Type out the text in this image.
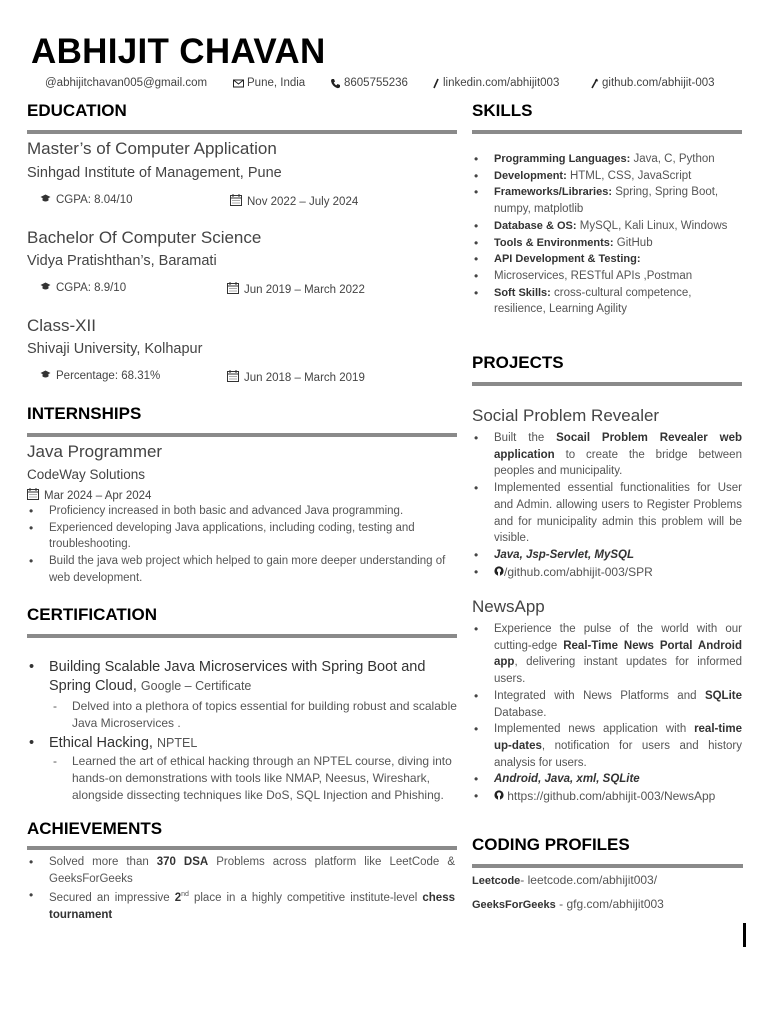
ABHIJIT CHAVAN
@abhijitchavan005@gmail.com	Pune, India	8605755236	linkedin.com/abhijit003	github.com/abhijit-003
EDUCATION
Master’s of Computer Application
Sinhgad Institute of Management, Pune
CGPA: 8.04/10	Nov 2022 – July 2024
Bachelor Of Computer Science
Vidya Pratishthan’s, Baramati
CGPA: 8.9/10	Jun 2019 – March 2022
Class-XII
Shivaji University, Kolhapur
Percentage: 68.31%	Jun 2018 – March 2019
INTERNSHIPS
Java Programmer
CodeWay Solutions
Mar 2024 – Apr 2024
• Proficiency increased in both basic and advanced Java programming.
• Experienced developing Java applications, including coding, testing and troubleshooting.
• Build the java web project which helped to gain more deeper understanding of web development.
CERTIFICATION
• Building Scalable Java Microservices with Spring Boot and Spring Cloud, Google – Certificate
- Delved into a plethora of topics essential for building robust and scalable Java Microservices .
• Ethical Hacking, NPTEL
- Learned the art of ethical hacking through an NPTEL course, diving into hands-on demonstrations with tools like NMAP, Neesus, Wireshark, alongside dissecting techniques like DoS, SQL Injection and Phishing.
ACHIEVEMENTS
• Solved more than 370 DSA Problems across platform like LeetCode & GeeksForGeeks
• Secured an impressive 2nd place in a highly competitive institute-level chess tournament
SKILLS
• Programming Languages: Java, C, Python
• Development: HTML, CSS, JavaScript
• Frameworks/Libraries: Spring, Spring Boot, numpy, matplotlib
• Database & OS: MySQL, Kali Linux, Windows
• Tools & Environments: GitHub
• API Development & Testing:
• Microservices, RESTful APIs ,Postman
• Soft Skills: cross-cultural competence, resilience, Learning Agility
PROJECTS
Social Problem Revealer
• Built the Socail Problem Revealer web application to create the bridge between peoples and municipality.
• Implemented essential functionalities for User and Admin. allowing users to Register Problems and for municipality admin this problem will be visible.
• Java, Jsp-Servlet, MySQL
• /github.com/abhijit-003/SPR
NewsApp
• Experience the pulse of the world with our cutting-edge Real-Time News Portal Android app, delivering instant updates for informed users.
• Integrated with News Platforms and SQLite Database.
• Implemented news application with real-time up-dates, notification for users and history analysis for users.
• Android, Java, xml, SQLite
• https://github.com/abhijit-003/NewsApp
CODING PROFILES
Leetcode- leetcode.com/abhijit003/
GeeksForGeeks - gfg.com/abhijit003
